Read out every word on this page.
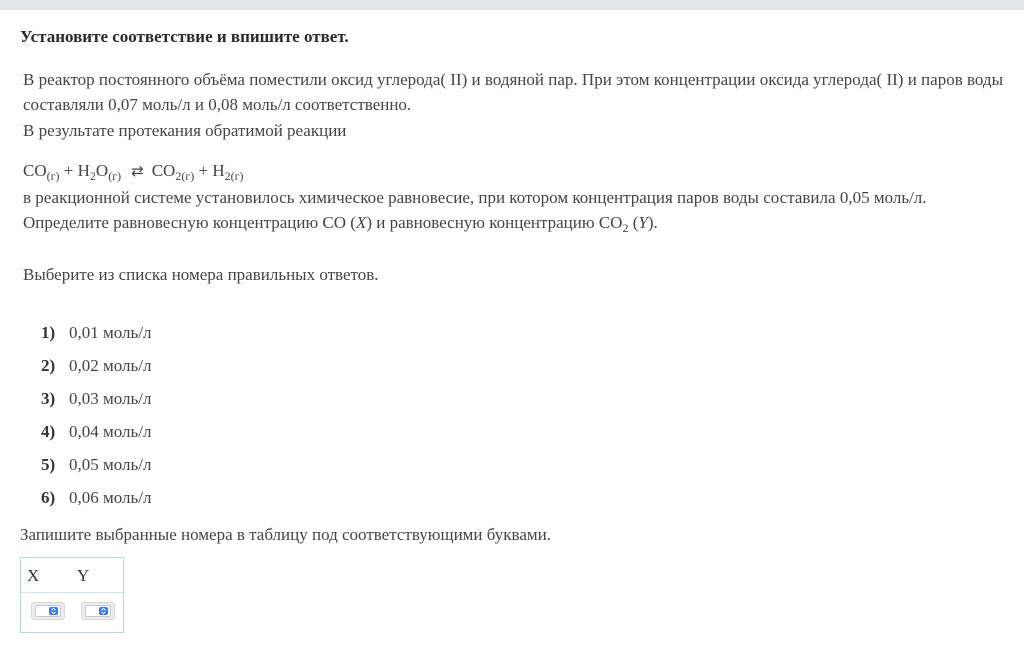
Установите соответствие и впишите ответ.
В реактор постоянного объёма поместили оксид углерода( II) и водяной пар. При этом концентрации оксида углерода( II) и паров воды составляли 0,07 моль/л и 0,08 моль/л соответственно.
В результате протекания обратимой реакции
$CO_{(г)} + H_2O_{(г)}$ ⇄ $CO_{2(г)} + H_{2(г)}$
в реакционной системе установилось химическое равновесие, при котором концентрация паров воды составила 0,05 моль/л.
Определите равновесную концентрацию CO (X) и равновесную концентрацию $CO_2$ (Y).
Выберите из списка номера правильных ответов.
1) 0,01 моль/л
2) 0,02 моль/л
3) 0,03 моль/л
4) 0,04 моль/л
5) 0,05 моль/л
6) 0,06 моль/л
Запишите выбранные номера в таблицу под соответствующими буквами.
X Y
